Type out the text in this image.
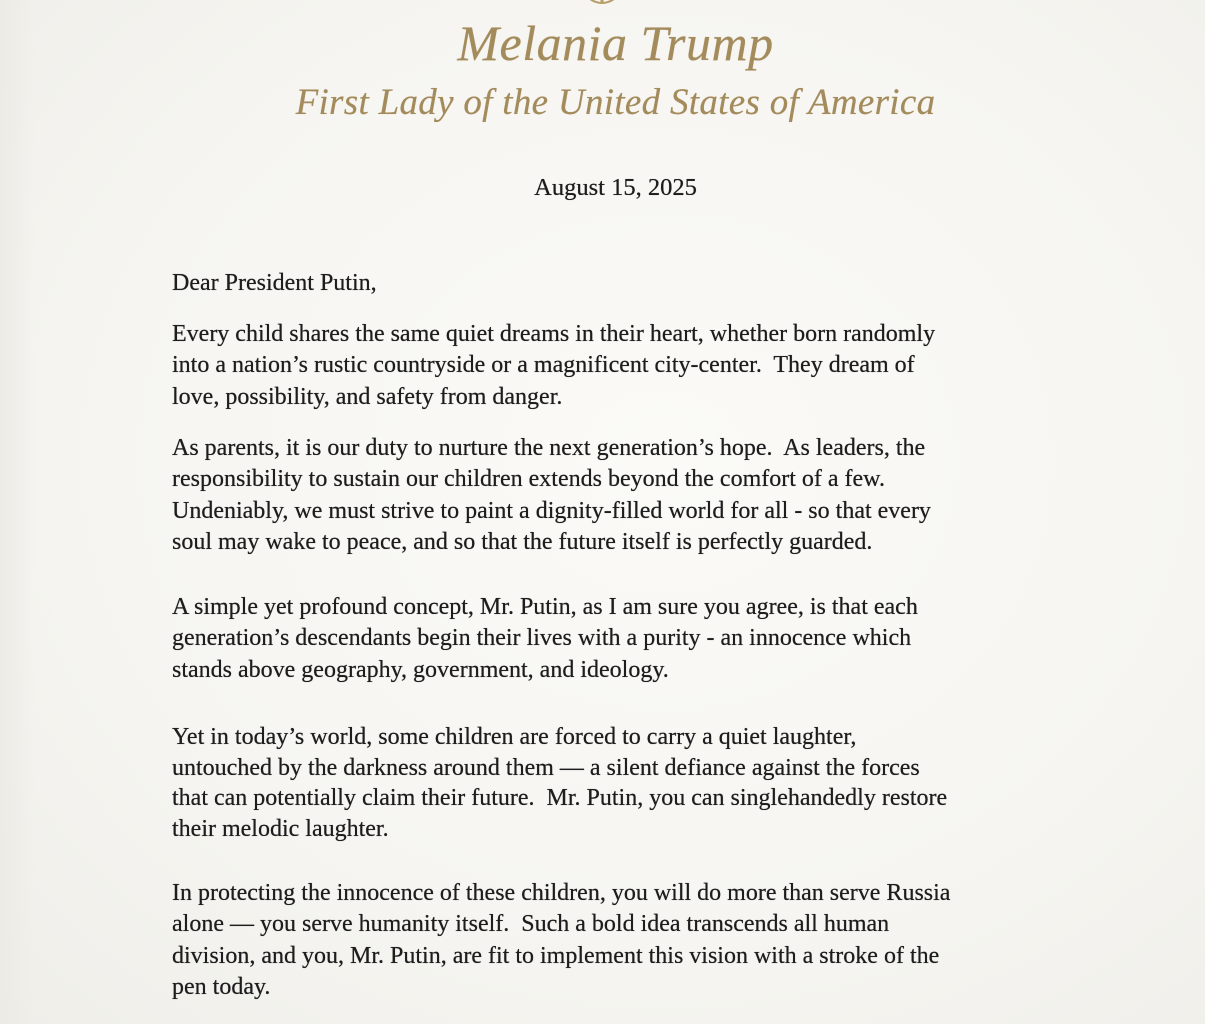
Melania Trump
First Lady of the United States of America
August 15, 2025
Dear President Putin,
Every child shares the same quiet dreams in their heart, whether born randomly
into a nation’s rustic countryside or a magnificent city-center.  They dream of
love, possibility, and safety from danger.
As parents, it is our duty to nurture the next generation’s hope.  As leaders, the
responsibility to sustain our children extends beyond the comfort of a few.
Undeniably, we must strive to paint a dignity-filled world for all - so that every
soul may wake to peace, and so that the future itself is perfectly guarded.
A simple yet profound concept, Mr. Putin, as I am sure you agree, is that each
generation’s descendants begin their lives with a purity - an innocence which
stands above geography, government, and ideology.
Yet in today’s world, some children are forced to carry a quiet laughter,
untouched by the darkness around them — a silent defiance against the forces
that can potentially claim their future.  Mr. Putin, you can singlehandedly restore
their melodic laughter.
In protecting the innocence of these children, you will do more than serve Russia
alone — you serve humanity itself.  Such a bold idea transcends all human
division, and you, Mr. Putin, are fit to implement this vision with a stroke of the
pen today.
